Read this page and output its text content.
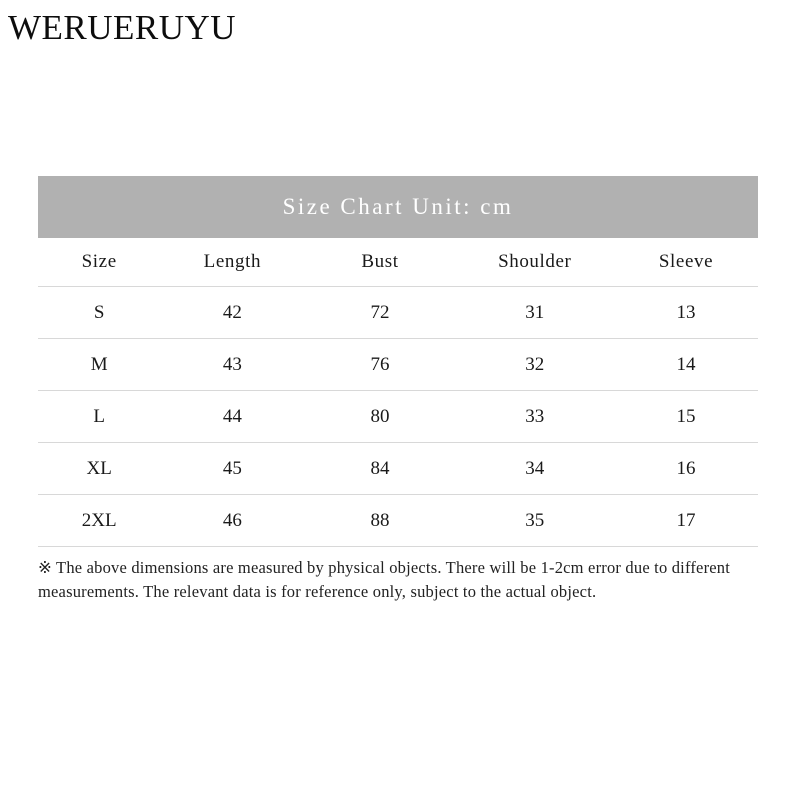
WERUERUYU
Size Chart Unit: cm
Size	Length	Bust	Shoulder	Sleeve
S	42	72	31	13
M	43	76	32	14
L	44	80	33	15
XL	45	84	34	16
2XL	46	88	35	17
※ The above dimensions are measured by physical objects. There will be 1-2cm error due to different measurements. The relevant data is for reference only, subject to the actual object.
